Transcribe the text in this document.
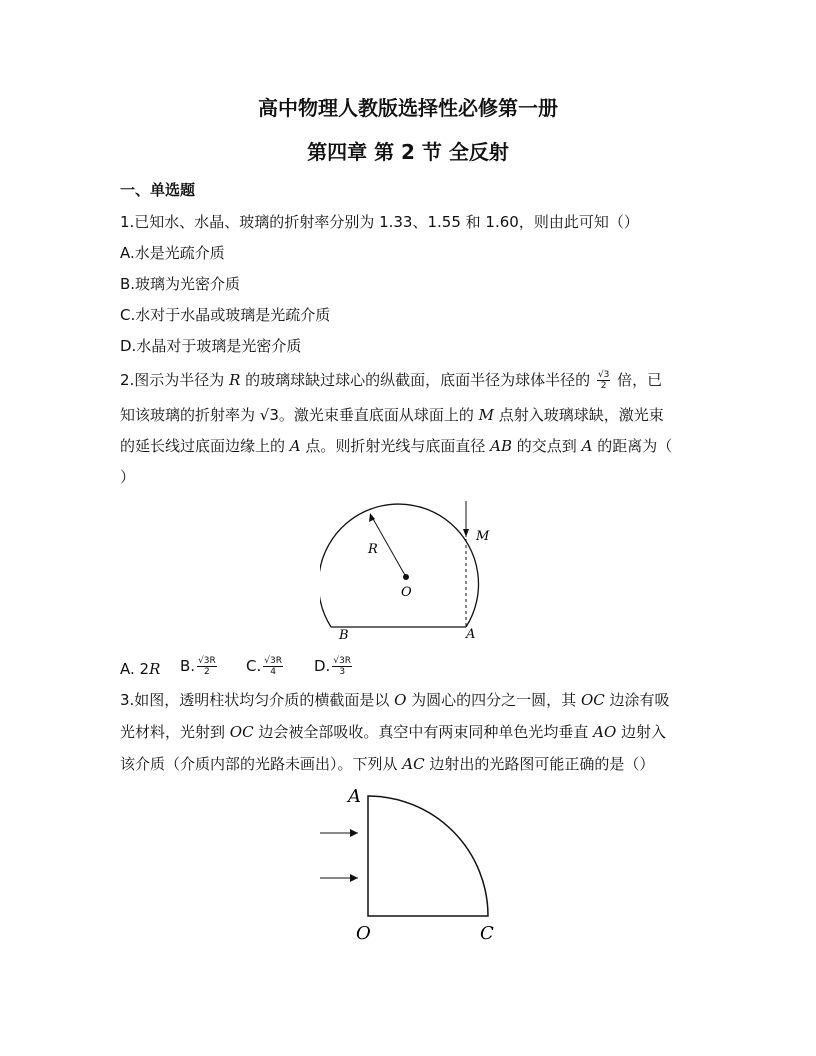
高中物理人教版选择性必修第一册
第四章 第 2 节 全反射
一、单选题
1.已知水、水晶、玻璃的折射率分别为 1.33、1.55 和 1.60，则由此可知（）
A.水是光疏介质
B.玻璃为光密介质
C.水对于水晶或玻璃是光疏介质
D.水晶对于玻璃是光密介质
2.图示为半径为 R 的玻璃球缺过球心的纵截面，底面半径为球体半径的 $\frac{√3}{2}$ 倍，已
知该玻璃的折射率为 √3。激光束垂直底面从球面上的 M 点射入玻璃球缺，激光束
的延长线过底面边缘上的 A 点。则折射光线与底面直径 AB 的交点到 A 的距离为（
）
R
O
M
A
B
A. 2R B. $\frac{√3R}{2} C$. $\frac{√3R}{4} D$. $\frac{√3R}{3}$
3.如图，透明柱状均匀介质的横截面是以 O 为圆心的四分之一圆，其 OC 边涂有吸
光材料，光射到 OC 边会被全部吸收。真空中有两束同种单色光均垂直 AO 边射入
该介质（介质内部的光路未画出）。下列从 AC 边射出的光路图可能正确的是（）
A
O	C
